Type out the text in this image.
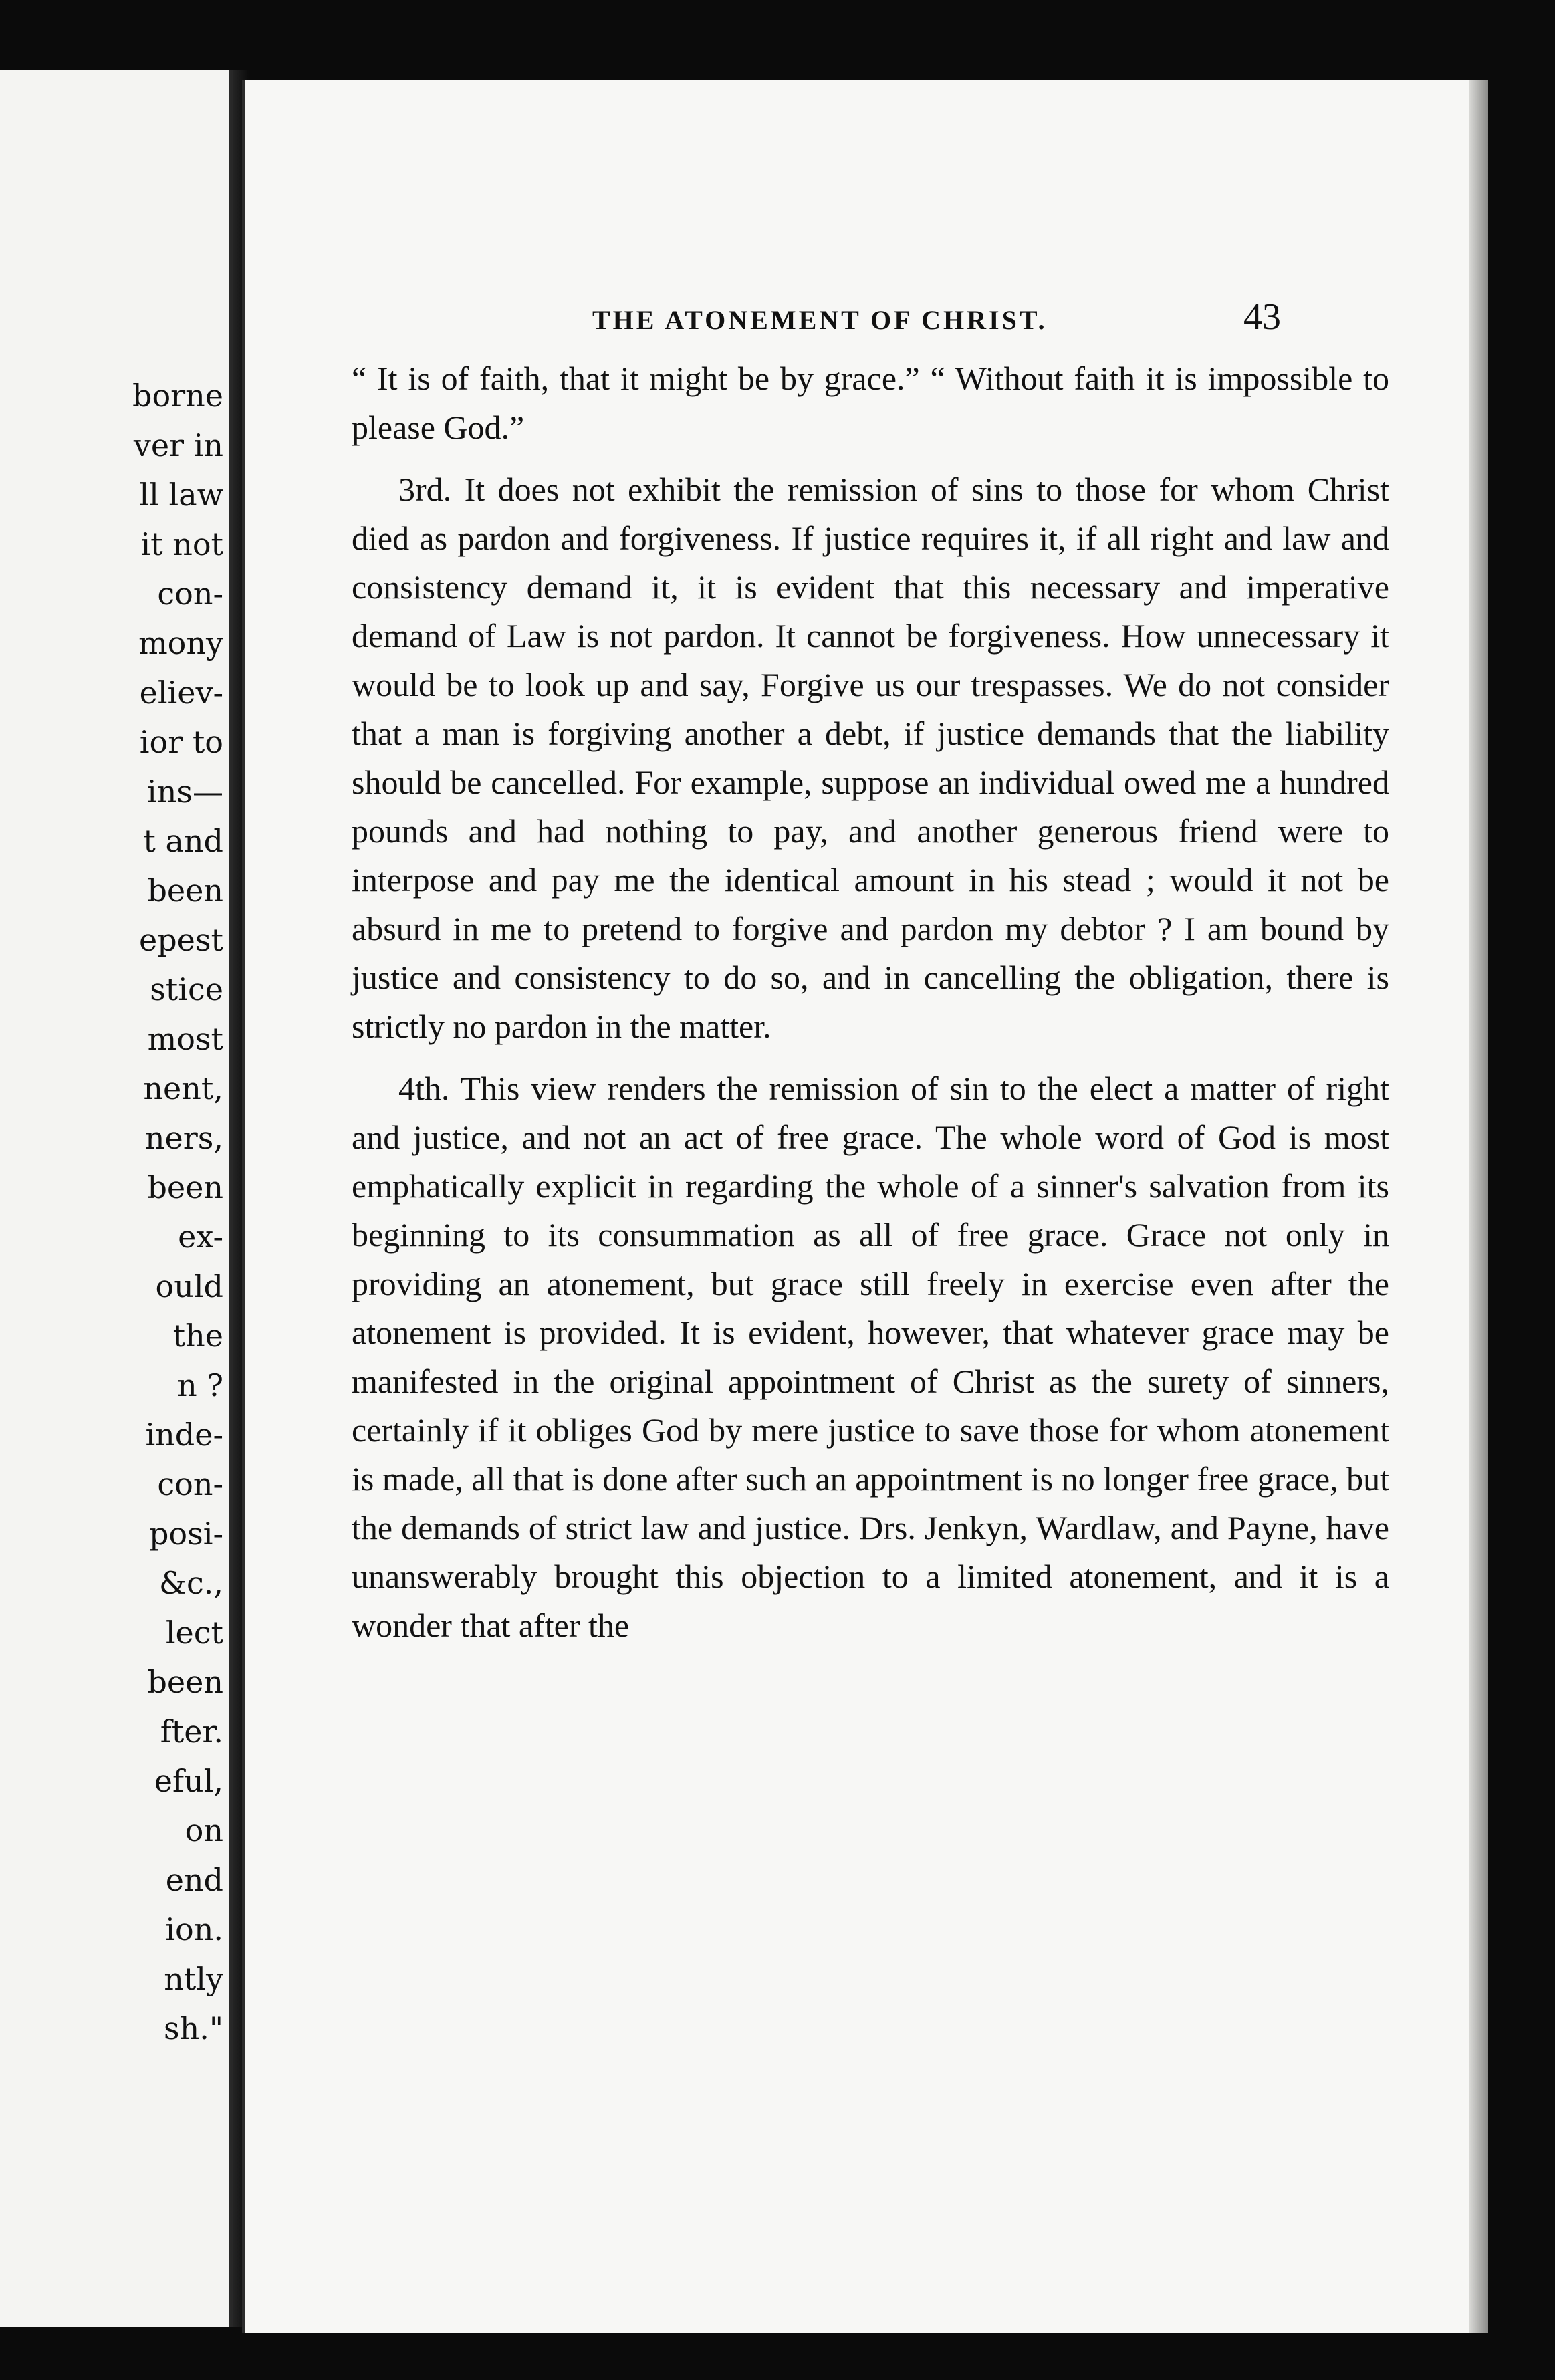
borne
ver in
ll law
it not
con-
mony
eliev-
ior to
ins—
t and
been
epest
stice
most
nent,
ners,
been
ex-
ould
the
n ?
inde-
con-
posi-
&c.,
lect
been
fter.
eful,
on
end
ion.
ntly
sh."
THE ATONEMENT OF CHRIST.	43

“ It is of faith, that it might be by grace.” “ Without faith it is impossible to please God.”

3rd. It does not exhibit the remission of sins to those for whom Christ died as pardon and forgiveness. If justice requires it, if all right and law and consistency demand it, it is evident that this necessary and imperative demand of Law is not pardon. It cannot be forgiveness. How unnecessary it would be to look up and say, Forgive us our trespasses. We do not consider that a man is forgiving another a debt, if justice demands that the liability should be cancelled. For example, suppose an individual owed me a hundred pounds and had nothing to pay, and another generous friend were to interpose and pay me the identical amount in his stead ; would it not be absurd in me to pretend to forgive and pardon my debtor ? I am bound by justice and consistency to do so, and in cancelling the obligation, there is strictly no pardon in the matter.

4th. This view renders the remission of sin to the elect a matter of right and justice, and not an act of free grace. The whole word of God is most emphatically explicit in regarding the whole of a sinner's salvation from its beginning to its consummation as all of free grace. Grace not only in providing an atonement, but grace still freely in exercise even after the atonement is provided. It is evident, however, that whatever grace may be manifested in the original appointment of Christ as the surety of sinners, certainly if it obliges God by mere justice to save those for whom atonement is made, all that is done after such an appointment is no longer free grace, but the demands of strict law and justice. Drs. Jenkyn, Wardlaw, and Payne, have unanswerably brought this objection to a limited atonement, and it is a wonder that after the
